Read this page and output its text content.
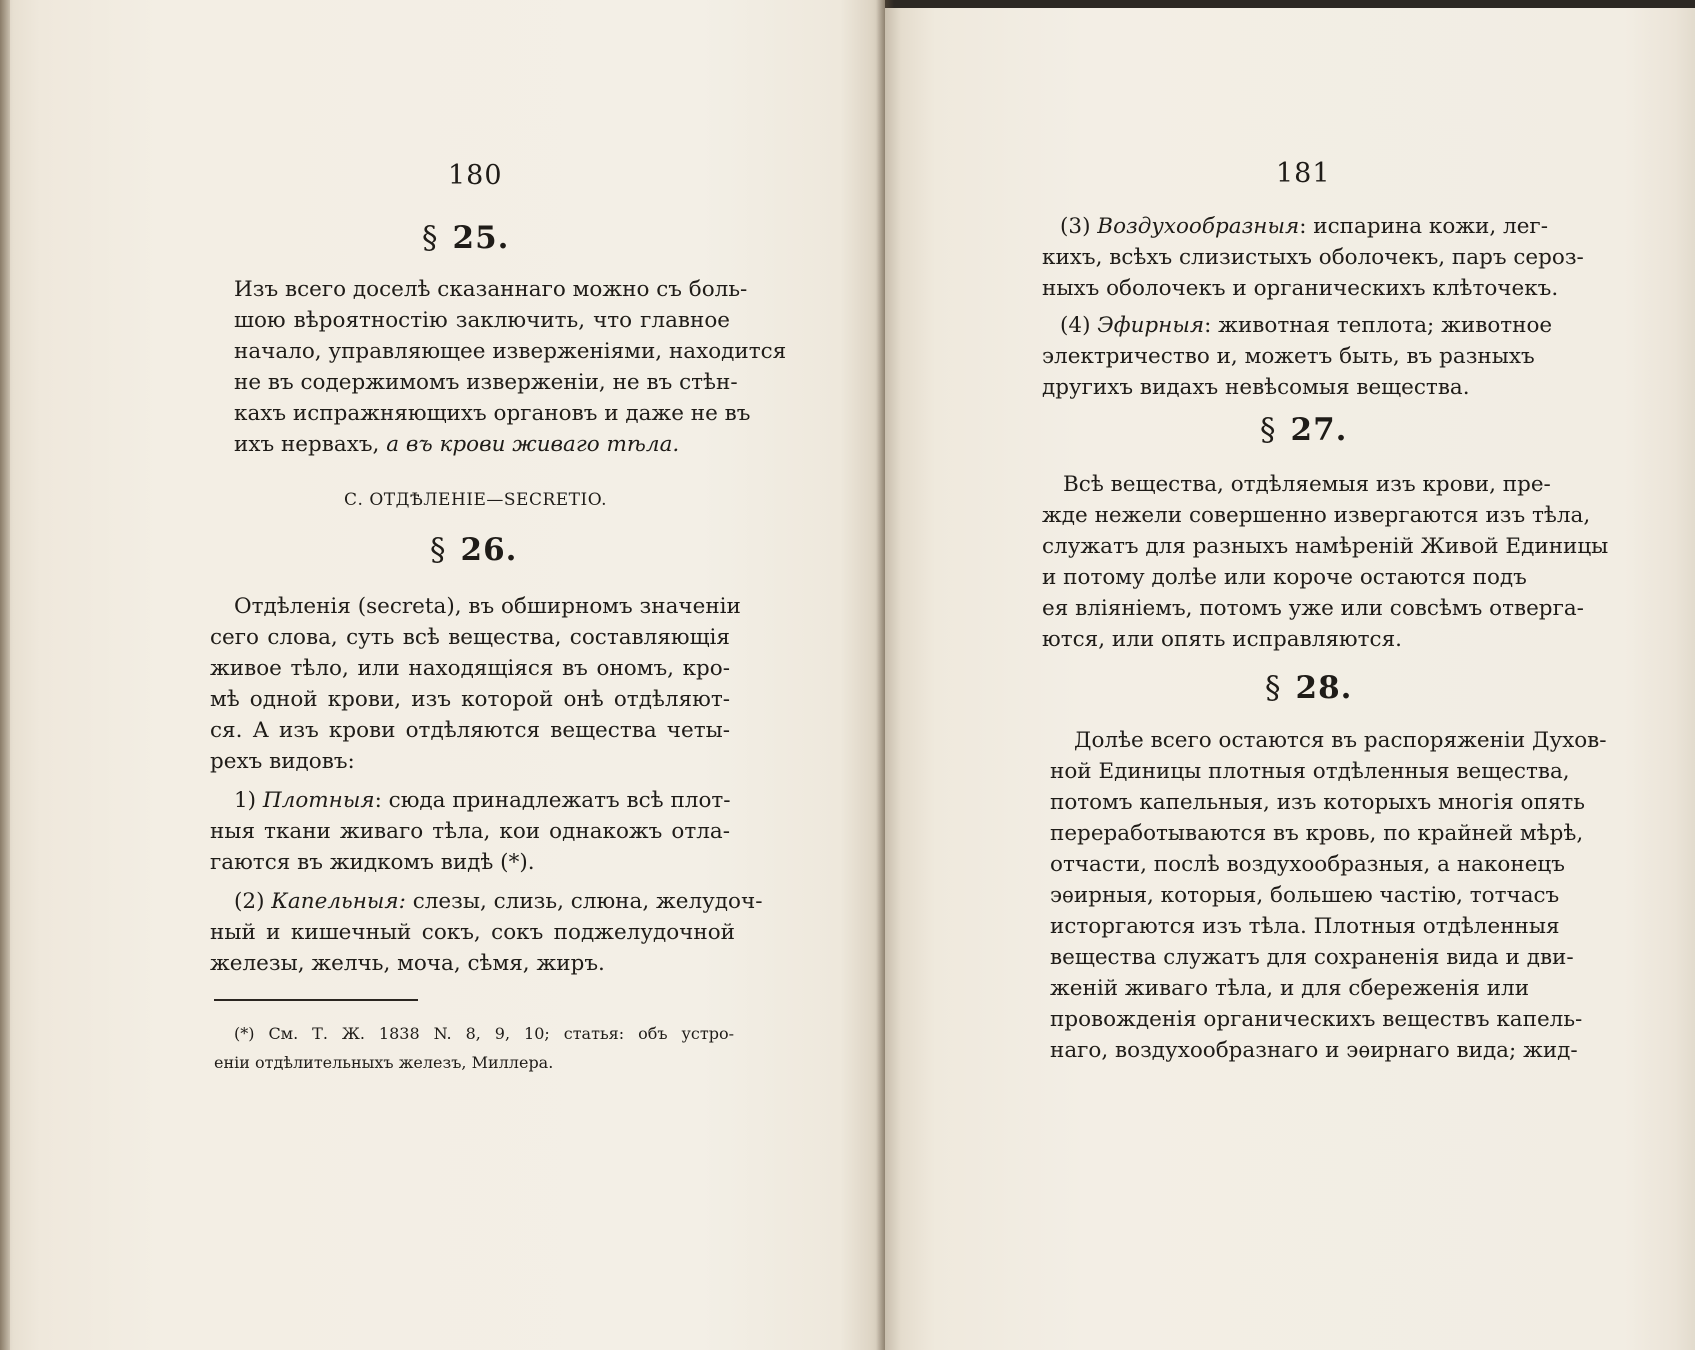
180
§ 25.
Изъ всего доселѣ сказаннаго можно съ боль-
шою вѣроятностію заключить, что главное
начало, управляющее изверженіями, находится
не въ содержимомъ изверженіи, не въ стѣн-
кахъ испражняющихъ органовъ и даже не въ
ихъ нервахъ, а въ крови живаго тѣла.
С. ОТДѢЛЕНІЕ—SECRETIO.
§ 26.
Отдѣленія (secreta), въ обширномъ значеніи
сего слова, суть всѣ вещества, составляющія
живое тѣло, или находящіяся въ ономъ, кро-
мѣ одной крови, изъ которой онѣ отдѣляют-
ся. А изъ крови отдѣляются вещества четы-
рехъ видовъ:
1) Плотныя: сюда принадлежатъ всѣ плот-
ныя ткани живаго тѣла, кои однакожъ отла-
гаются въ жидкомъ видѣ (*).
(2) Капельныя: слезы, слизь, слюна, желудоч-
ный и кишечный сокъ, сокъ поджелудочной
железы, желчь, моча, сѣмя, жиръ.
(*) См. Т. Ж. 1838 N. 8, 9, 10; статья: объ устро-
еніи отдѣлительныхъ железъ, Миллера.
181
(3) Воздухообразныя: испарина кожи, лег-
кихъ, всѣхъ слизистыхъ оболочекъ, паръ сероз-
ныхъ оболочекъ и органическихъ клѣточекъ.
(4) Эфирныя: животная теплота; животное
электричество и, можетъ быть, въ разныхъ
другихъ видахъ невѣсомыя вещества.
§ 27.
Всѣ вещества, отдѣляемыя изъ крови, пре-
жде нежели совершенно извергаются изъ тѣла,
служатъ для разныхъ намѣреній Живой Единицы
и потому долѣе или короче остаются подъ
ея вліяніемъ, потомъ уже или совсѣмъ отверга-
ются, или опять исправляются.
§ 28.
Долѣе всего остаются въ распоряженіи Духов-
ной Единицы плотныя отдѣленныя вещества,
потомъ капельныя, изъ которыхъ многія опять
переработываются въ кровь, по крайней мѣрѣ,
отчасти, послѣ воздухообразныя, а наконецъ
эѳирныя, которыя, большею частію, тотчасъ
исторгаются изъ тѣла. Плотныя отдѣленныя
вещества служатъ для сохраненія вида и дви-
женій живаго тѣла, и для сбереженія или
провожденія органическихъ веществъ капель-
наго, воздухообразнаго и эѳирнаго вида; жид-
